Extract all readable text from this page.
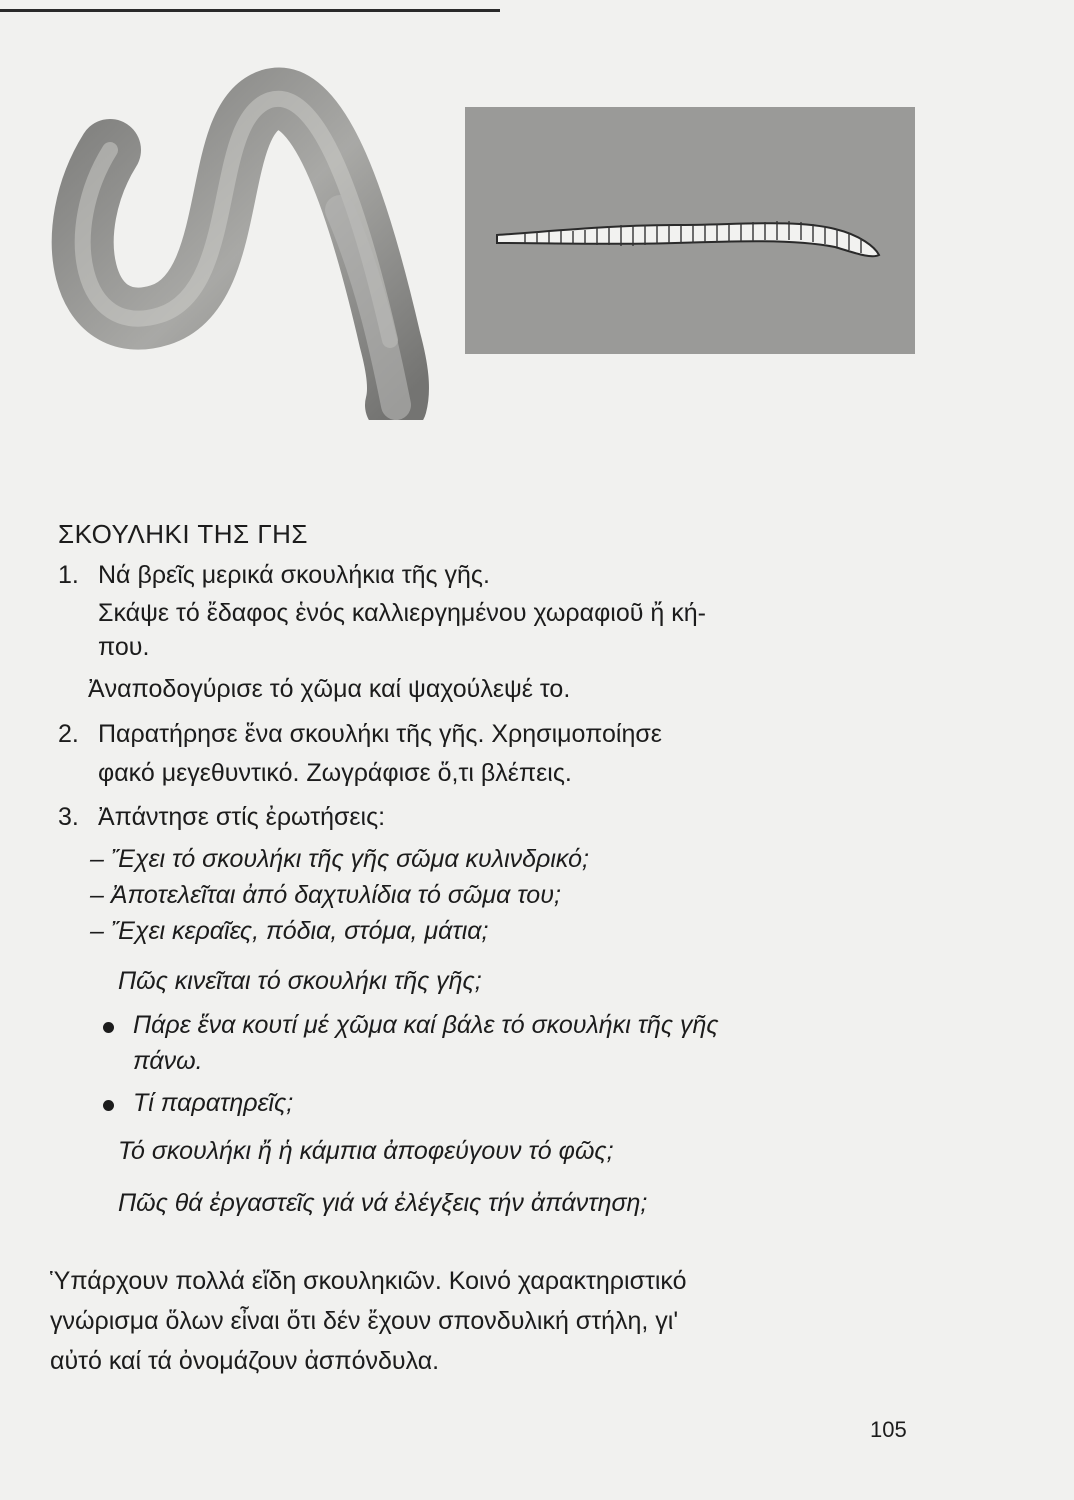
ΣΚΟΥΛΗΚΙ ΤΗΣ ΓΗΣ
1. Νά βρεῖς μερικά σκουλήκια τῆς γῆς.
Σκάψε τό ἔδαφος ἑνός καλλιεργημένου χωραφιοῦ ἤ κή-
που.
Ἀναποδογύρισε τό χῶμα καί ψαχούλεψέ το.
2. Παρατήρησε ἕνα σκουλήκι τῆς γῆς. Χρησιμοποίησε
φακό μεγεθυντικό. Ζωγράφισε ὅ,τι βλέπεις.
3. Ἀπάντησε στίς ἐρωτήσεις:
– Ἔχει τό σκουλήκι τῆς γῆς σῶμα κυλινδρικό;
– Ἀποτελεῖται ἀπό δαχτυλίδια τό σῶμα του;
– Ἔχει κεραῖες, πόδια, στόμα, μάτια;
Πῶς κινεῖται τό σκουλήκι τῆς γῆς;
Πάρε ἕνα κουτί μέ χῶμα καί βάλε τό σκουλήκι τῆς γῆς
πάνω.
Τί παρατηρεῖς;
Τό σκουλήκι ἤ ἡ κάμπια ἀποφεύγουν τό φῶς;
Πῶς θά ἐργαστεῖς γιά νά ἐλέγξεις τήν ἀπάντηση;
Ὑπάρχουν πολλά εἴδη σκουληκιῶν. Κοινό χαρακτηριστικό
γνώρισμα ὅλων εἶναι ὅτι δέν ἔχουν σπονδυλική στήλη, γι'
αὐτό καί τά ὀνομάζουν ἀσπόνδυλα.
105
